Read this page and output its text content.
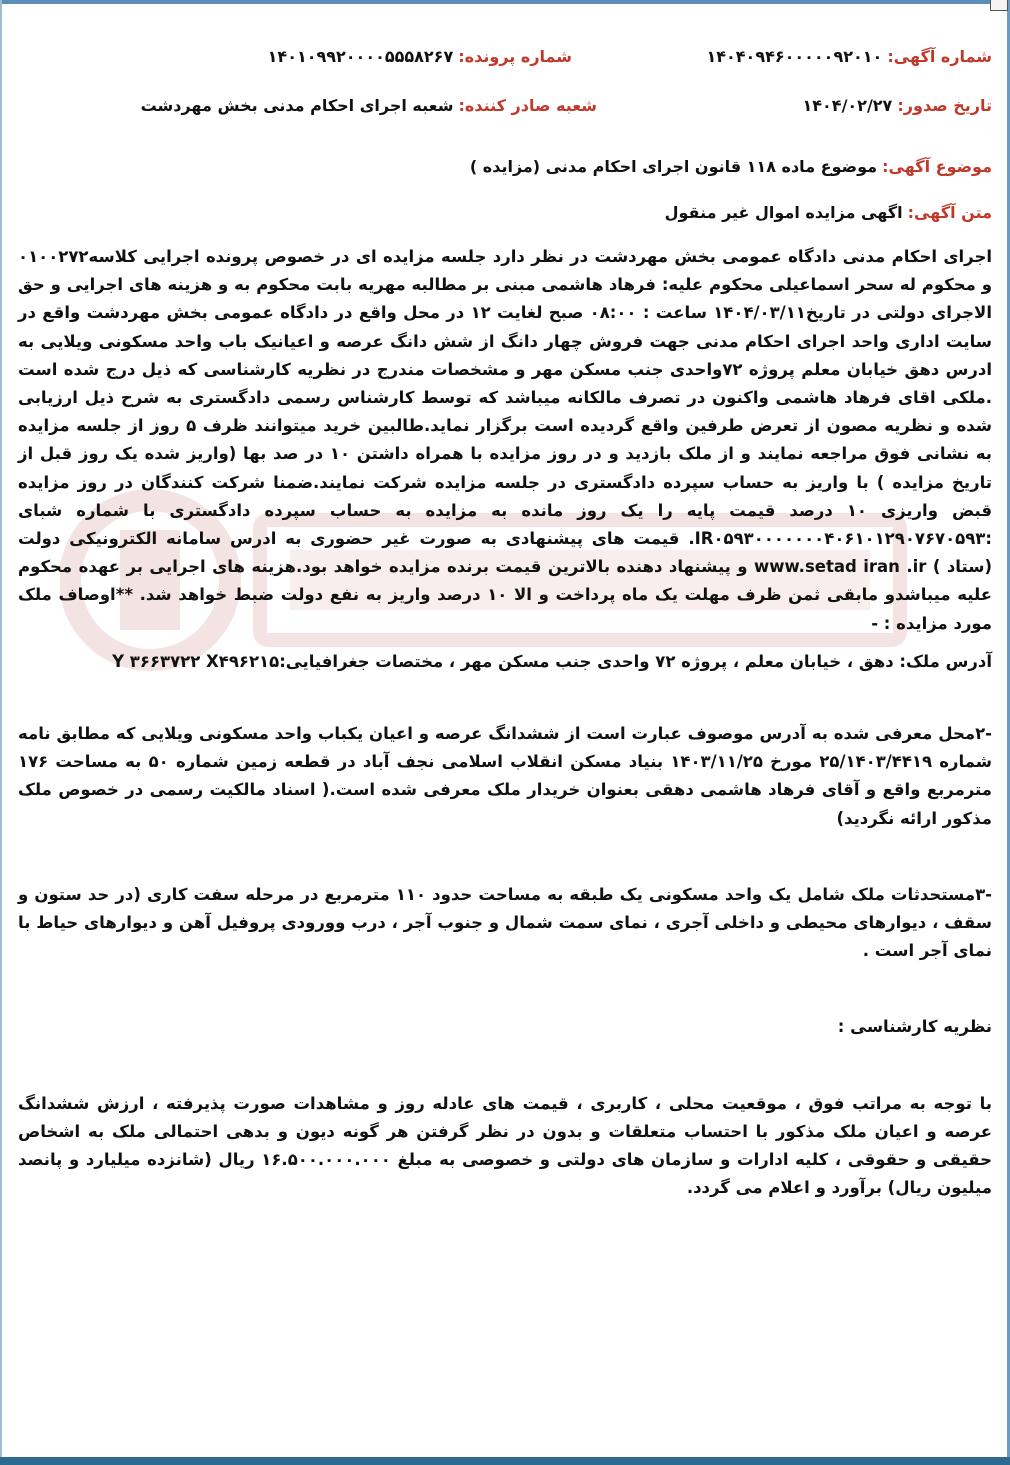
شماره آگهی: ۱۴۰۴۰۹۴۶۰۰۰۰۰۹۲۰۱۰
شماره پرونده: ۱۴۰۱۰۹۹۲۰۰۰۰۵۵۵۸۲۶۷
تاریخ صدور: ۱۴۰۴/۰۲/۲۷
شعبه صادر کننده: شعبه اجرای احکام مدنی بخش مهردشت
موضوع آگهی: موضوع ماده ۱۱۸ قانون اجرای احکام مدنی (مزایده )
متن آگهی: اگهی مزایده اموال غیر منقول

اجرای احکام مدنی دادگاه عمومی بخش مهردشت در نظر دارد جلسه مزایده ای در خصوص پرونده اجرایی کلاسه۰۱۰۰۲۷۲ و محکوم له سحر اسماعیلی محکوم علیه: فرهاد هاشمی مبنی بر مطالبه مهریه بابت محکوم به و هزینه های اجرایی و حق الاجرای دولتی در تاریخ۱۴۰۴/۰۳/۱۱ ساعت : ۰۸:۰۰ صبح لغایت ۱۲ در محل واقع در دادگاه عمومی بخش مهردشت واقع در سایت اداری واحد اجرای احکام مدنی جهت فروش چهار دانگ از شش دانگ عرصه و اعیانیک باب واحد مسکونی ویلایی به ادرس دهق خیابان معلم پروژه ۷۲واحدی جنب مسکن مهر و مشخصات مندرج در نظریه کارشناسی که ذیل درج شده است .ملکی اقای فرهاد هاشمی واکنون در تصرف مالکانه میباشد که توسط کارشناس رسمی دادگستری به شرح ذیل ارزیابی شده و نظریه مصون از تعرض طرفین واقع گردیده است برگزار نماید.طالبین خرید میتوانند ظرف ۵ روز از جلسه مزایده به نشانی فوق مراجعه نمایند و از ملک بازدید و در روز مزایده با همراه داشتن ۱۰ در صد بها (واریز شده یک روز قبل از تاریخ مزایده ) با واریز به حساب سپرده دادگستری در جلسه مزایده شرکت نمایند.ضمنا شرکت کنندگان در روز مزایده قبض واریزی ۱۰ درصد قیمت پایه را یک روز مانده به مزایده به حساب سپرده دادگستری با شماره شبای :IR۰۵۹۳۰۰۰۰۰۰۰۴۰۶۱۰۱۲۹۰۷۶۷۰۵۹۳. قیمت های پیشنهادی به صورت غیر حضوری به ادرس سامانه الکترونیکی دولت (ستاد ) www.setad iran .ir و پیشنهاد دهنده بالاترین قیمت برنده مزایده خواهد بود.هزینه های اجرایی بر عهده محکوم علیه میباشدو مابقی ثمن ظرف مهلت یک ماه پرداخت و الا ۱۰ درصد واریز به نفع دولت ضبط خواهد شد. **اوصاف ملک مورد مزایده : -

آدرس ملک: دهق ، خیابان معلم ، پروژه ۷۲ واحدی جنب مسکن مهر ، مختصات جغرافیایی:Y ۳۶۶۳۷۲۲ X۴۹۶۲۱۵

-۲محل معرفی شده به آدرس موصوف عبارت است از ششدانگ عرصه و اعیان یکباب واحد مسکونی ویلایی که مطابق نامه شماره ۲۵/۱۴۰۳/۴۴۱۹ مورخ ۱۴۰۳/۱۱/۲۵ بنیاد مسکن انقلاب اسلامی نجف آباد در قطعه زمین شماره ۵۰ به مساحت ۱۷۶ مترمربع واقع و آقای فرهاد هاشمی دهقی بعنوان خریدار ملک معرفی شده است.( اسناد مالکیت رسمی در خصوص ملک مذکور ارائه نگردید)

-۳مستحدثات ملک شامل یک واحد مسکونی یک طبقه به مساحت حدود ۱۱۰ مترمربع در مرحله سفت کاری (در حد ستون و سقف ، دیوارهای محیطی و داخلی آجری ، نمای سمت شمال و جنوب آجر ، درب وورودی پروفیل آهن و دیوارهای حیاط با نمای آجر است .

نظریه کارشناسی :

با توجه به مراتب فوق ، موقعیت محلی ، کاربری ، قیمت های عادله روز و مشاهدات صورت پذیرفته ، ارزش ششدانگ عرصه و اعیان ملک مذکور با احتساب متعلقات و بدون در نظر گرفتن هر گونه دیون و بدهی احتمالی ملک به اشخاص حقیقی و حقوقی ، کلیه ادارات و سازمان های دولتی و خصوصی به مبلغ ۱۶.۵۰۰.۰۰۰.۰۰۰ ریال (شانزده میلیارد و پانصد میلیون ریال) برآورد و اعلام می گردد.
